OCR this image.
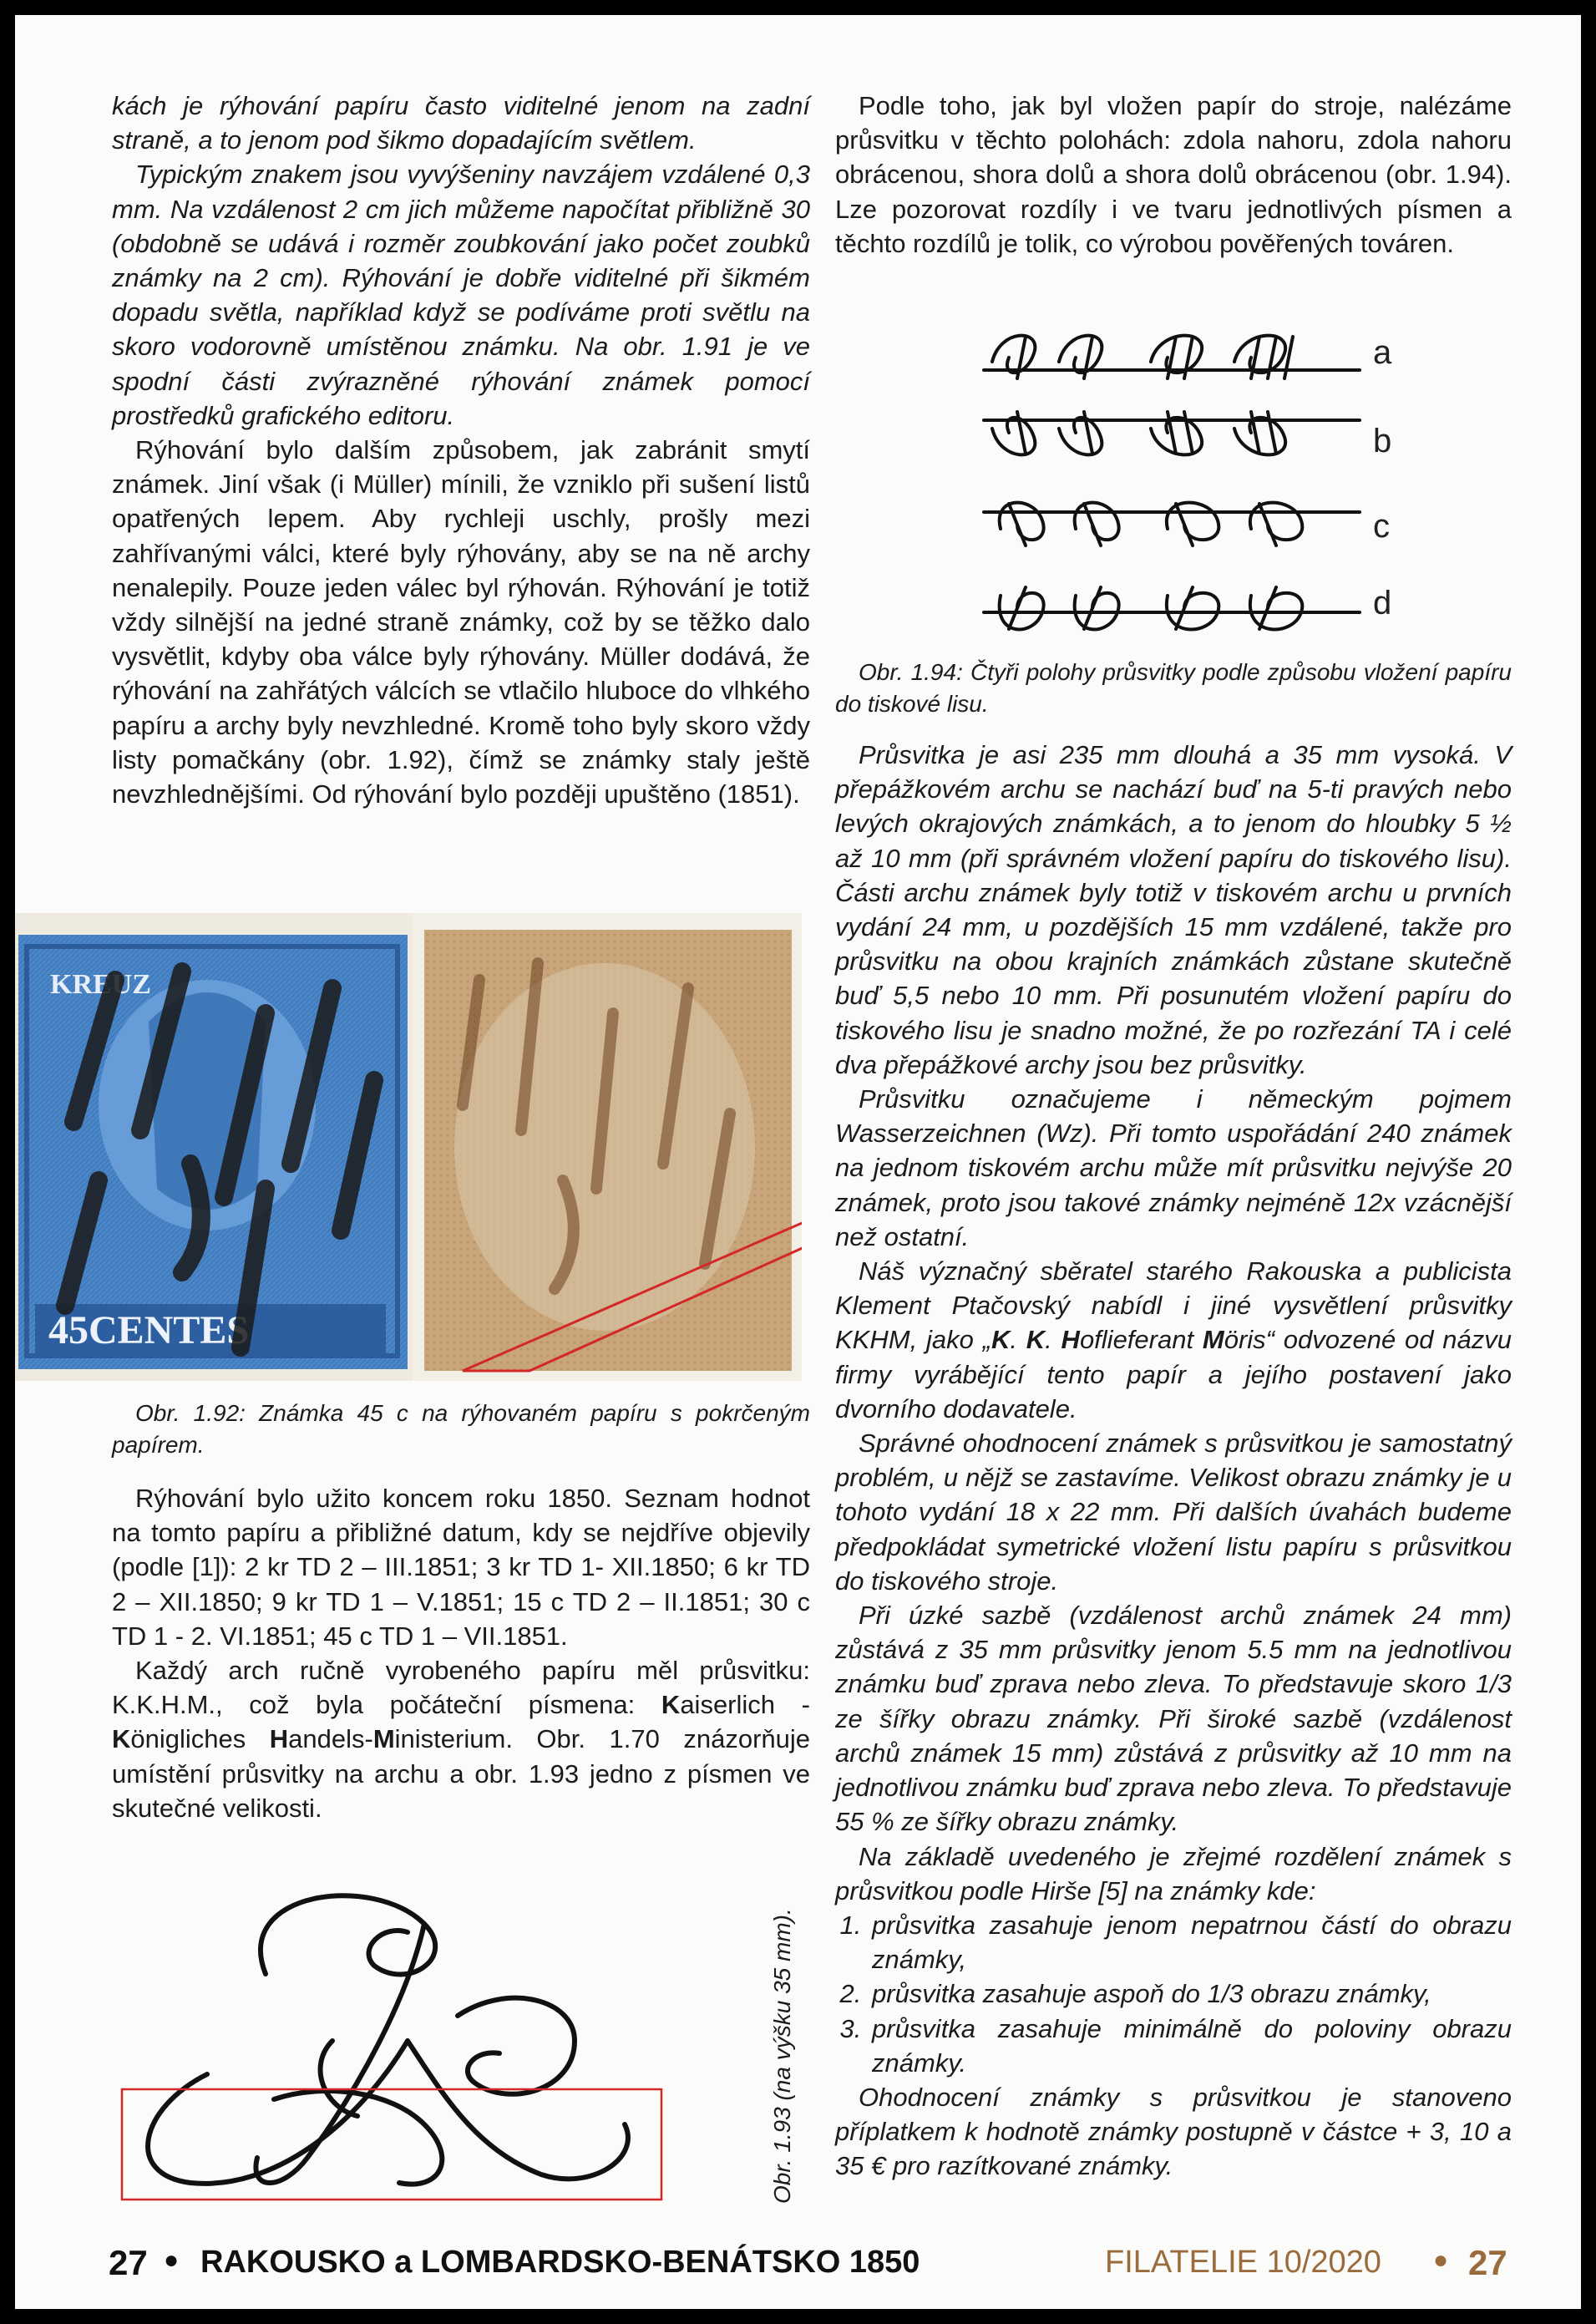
kách je rýhování papíru často viditelné jenom na zadní straně, a to jenom pod šikmo dopadajícím světlem.

Typickým znakem jsou vyvýšeniny navzájem vzdálené 0,3 mm. Na vzdálenost 2 cm jich můžeme napočítat přibližně 30 (obdobně se udává i rozměr zoubkování jako počet zoubků známky na 2 cm). Rýhování je dobře viditelné při šikmém dopadu světla, například když se podíváme proti světlu na skoro vodorovně umístěnou známku. Na obr. 1.91 je ve spodní části zvýrazněné rýhování známek pomocí prostředků grafického editoru.

Rýhování bylo dalším způsobem, jak zabránit smytí známek. Jiní však (i Müller) mínili, že vzniklo při sušení listů opatřených lepem. Aby rychleji uschly, prošly mezi zahřívanými válci, které byly rýhovány, aby se na ně archy nenalepily. Pouze jeden válec byl rýhován. Rýhování je totiž vždy silnější na jedné straně známky, což by se těžko dalo vysvětlit, kdyby oba válce byly rýhovány. Müller dodává, že rýhování na zahřátých válcích se vtlačilo hluboce do vlhkého papíru a archy byly nevzhledné. Kromě toho byly skoro vždy listy pomačkány (obr. 1.92), čímž se známky staly ještě nevzhlednějšími. Od rýhování bylo později upuštěno (1851).

KREUZ
45CENTES

Obr. 1.92: Známka 45 c na rýhovaném papíru s pokrčeným papírem.

Rýhování bylo užito koncem roku 1850. Seznam hodnot na tomto papíru a přibližné datum, kdy se nejdříve objevily (podle [1]): 2 kr TD 2 – III.1851; 3 kr TD 1- XII.1850; 6 kr TD 2 – XII.1850; 9 kr TD 1 – V.1851; 15 c TD 2 – II.1851; 30 c TD 1 - 2. VI.1851; 45 c TD 1 – VII.1851.

Každý arch ručně vyrobeného papíru měl průsvitku: K.K.H.M., což byla počáteční písmena: Kaiserlich - Königliches Handels-Ministerium. Obr. 1.70 znázorňuje umístění průsvitky na archu a obr. 1.93 jedno z písmen ve skutečné velikosti.

Obr. 1.93 (na výšku 35 mm).

Podle toho, jak byl vložen papír do stroje, nalézáme průsvitku v těchto polohách: zdola nahoru, zdola nahoru obrácenou, shora dolů a shora dolů obrácenou (obr. 1.94). Lze pozorovat rozdíly i ve tvaru jednotlivých písmen a těchto rozdílů je tolik, co výrobou pověřených továren.

a
b
c
d

Obr. 1.94: Čtyři polohy průsvitky podle způsobu vložení papíru do tiskové lisu.

Průsvitka je asi 235 mm dlouhá a 35 mm vysoká. V přepážkovém archu se nachází buď na 5-ti pravých nebo levých okrajových známkách, a to jenom do hloubky 5 ½ až 10 mm (při správném vložení papíru do tiskového lisu). Části archu známek byly totiž v tiskovém archu u prvních vydání 24 mm, u pozdějších 15 mm vzdálené, takže pro průsvitku na obou krajních známkách zůstane skutečně buď 5,5 nebo 10 mm. Při posunutém vložení papíru do tiskového lisu je snadno možné, že po rozřezání TA i celé dva přepážkové archy jsou bez průsvitky.

Průsvitku označujeme i německým pojmem Wasserzeichnen (Wz). Při tomto uspořádání 240 známek na jednom tiskovém archu může mít průsvitku nejvýše 20 známek, proto jsou takové známky nejméně 12x vzácnější než ostatní.

Náš význačný sběratel starého Rakouska a publicista Klement Ptačovský nabídl i jiné vysvětlení průsvitky KKHM, jako „K. K. Hoflieferant Möris“ odvozené od názvu firmy vyrábějící tento papír a jejího postavení jako dvorního dodavatele.

Správné ohodnocení známek s průsvitkou je samostatný problém, u nějž se zastavíme. Velikost obrazu známky je u tohoto vydání 18 x 22 mm. Při dalších úvahách budeme předpokládat symetrické vložení listu papíru s průsvitkou do tiskového stroje.

Při úzké sazbě (vzdálenost archů známek 24 mm) zůstává z 35 mm průsvitky jenom 5.5 mm na jednotlivou známku buď zprava nebo zleva. To představuje skoro 1/3 ze šířky obrazu známky. Při široké sazbě (vzdálenost archů známek 15 mm) zůstává z průsvitky až 10 mm na jednotlivou známku buď zprava nebo zleva. To představuje 55 % ze šířky obrazu známky.

Na základě uvedeného je zřejmé rozdělení známek s průsvitkou podle Hirše [5] na známky kde:

1. průsvitka zasahuje jenom nepatrnou částí do obrazu známky,
2. průsvitka zasahuje aspoň do 1/3 obrazu známky,
3. průsvitka zasahuje minimálně do poloviny obrazu známky.

Ohodnocení známky s průsvitkou je stanoveno příplatkem k hodnotě známky postupně v částce + 3, 10 a 35 € pro razítkované známky.

27 ● RAKOUSKO a LOMBARDSKO-BENÁTSKO 1850	FILATELIE 10/2020 ● 27
